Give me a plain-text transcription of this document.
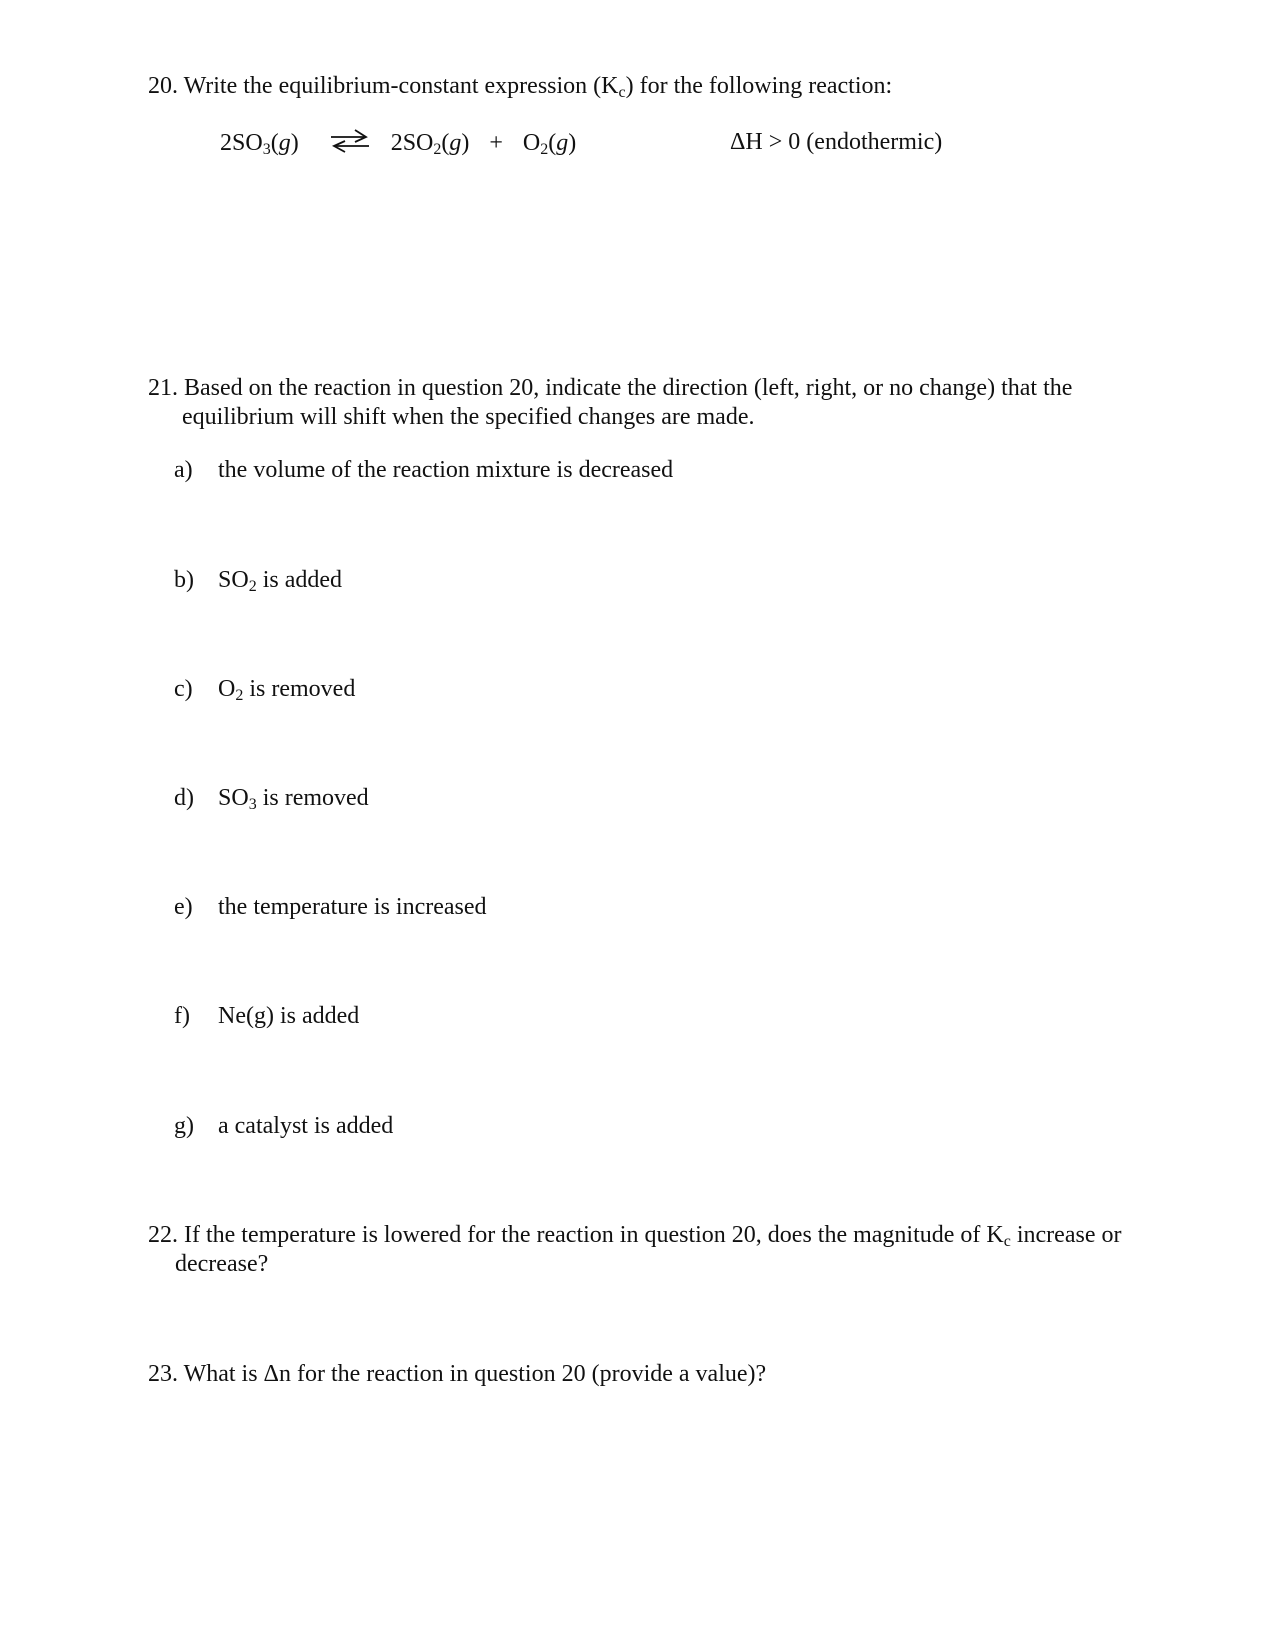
20. Write the equilibrium-constant expression $(K_c)$ for the following reaction:
$2SO_3(g)$ ⇌ $2SO_2(g) + O_2(g)$	ΔH > 0 (endothermic)
21. Based on the reaction in question 20, indicate the direction (left, right, or no change) that the
equilibrium will shift when the specified changes are made.
a) the volume of the reaction mixture is decreased
b) $SO_2$ is added
c) $O_2$ is removed
d) $SO_3$ is removed
e) the temperature is increased
f) Ne(g) is added
g) a catalyst is added
22. If the temperature is lowered for the reaction in question 20, does the magnitude of $K_c$ increase or
decrease?
23. What is Δn for the reaction in question 20 (provide a value)?
